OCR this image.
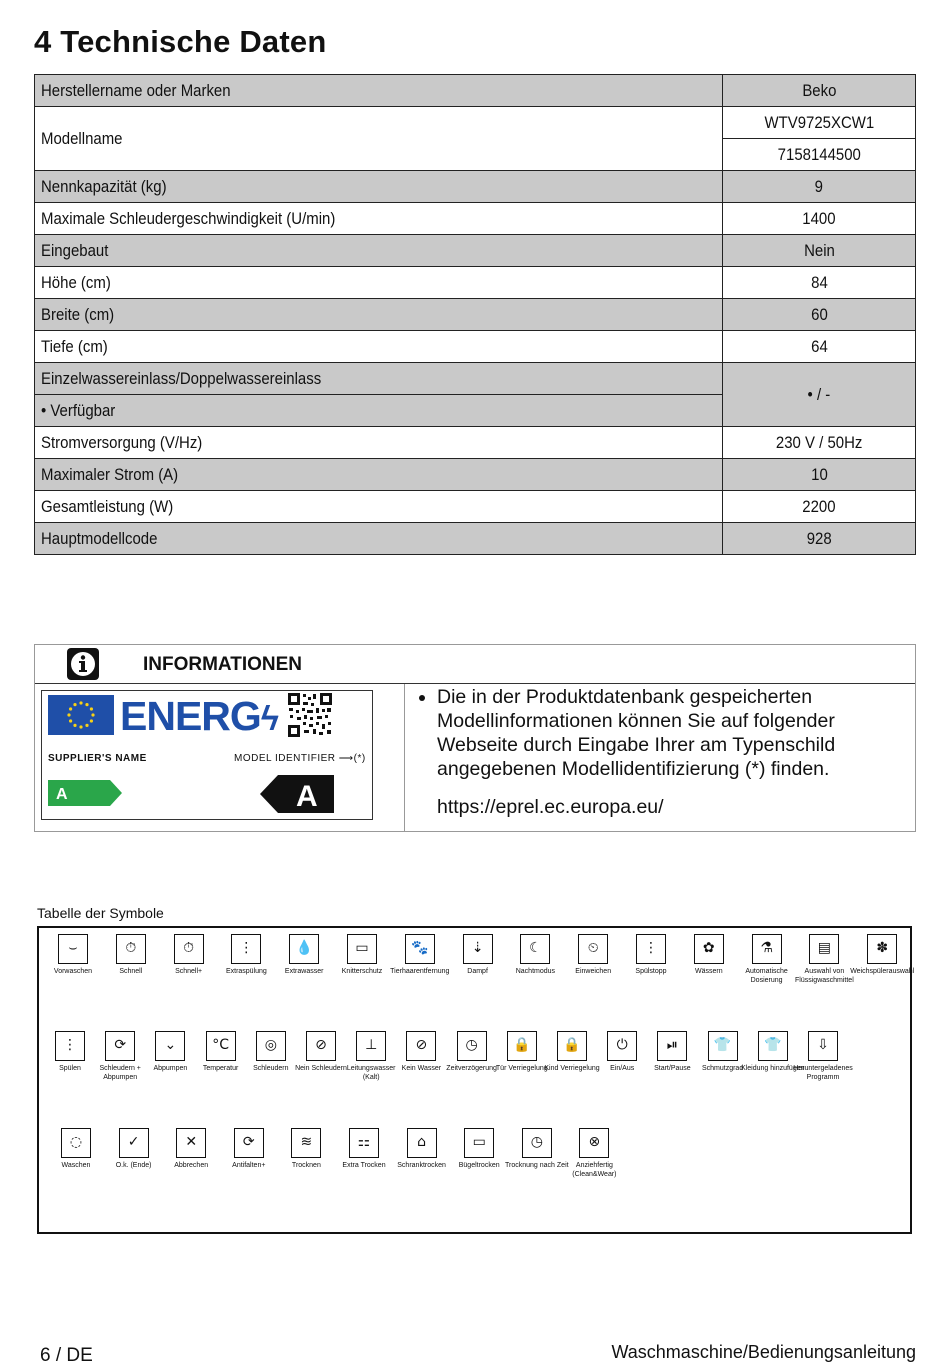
4 Technische Daten
Herstellername oder Marken	Beko
Modellname	WTV9725XCW1
	7158144500
Nennkapazität (kg)	9
Maximale Schleudergeschwindigkeit (U/min)	1400
Eingebaut	Nein
Höhe (cm)	84
Breite (cm)	60
Tiefe (cm)	64
Einzelwassereinlass/Doppelwassereinlass	• / -
• Verfügbar	
Stromversorgung (V/Hz)	230 V / 50Hz
Maximaler Strom (A)	10
Gesamtleistung (W)	2200
Hauptmodellcode	928
INFORMATIONEN
ENERGϟ
SUPPLIER'S NAME	MODEL IDENTIFIER ⟶(*)
A	A
• Die in der Produktdatenbank gespeicherten Modellinformationen können Sie auf folgender Webseite durch Eingabe Ihrer am Typenschild angegebenen Modellidentifizierung (*) finden.
https://eprel.ec.europa.eu/
Tabelle der Symbole
⌣
Vorwaschen
⏱
Schnell
⏱
Schnell+
⋮
Extraspülung
💧
Extrawasser
▭
Knitterschutz
🐾
Tierhaarentfernung
⇣
Dampf
☾
Nachtmodus
⏲
Einweichen
⋮
Spülstopp
✿
Wässern
⚗
Automatische Dosierung
▤
Auswahl von Flüssigwaschmittel
✽
Weichspülerauswahl
⋮
Spülen
⟳
Schleudern + Abpumpen
⌄
Abpumpen
°C
Temperatur
◎
Schleudern
⊘
Nein Schleudern
⊥
Leitungswasser (Kalt)
⊘
Kein Wasser
◷
Zeitverzögerung
🔒
Tür Verriegelung
🔒
Kind Verriegelung
⏻
Ein/Aus
⏯
Start/Pause
👕
Schmutzgrad
👕
Kleidung hinzufügen
⇩
Heruntergeladenes Programm
◌
Waschen
✓
O.k. (Ende)
✕
Abbrechen
⟳
Antifalten+
≋
Trocknen
⚏
Extra Trocken
⌂
Schranktrocken
▭
Bügeltrocken
◷
Trocknung nach Zeit
⊗
Anziehfertig (Clean&Wear)
6 / DE	Waschmaschine/Bedienungsanleitung
